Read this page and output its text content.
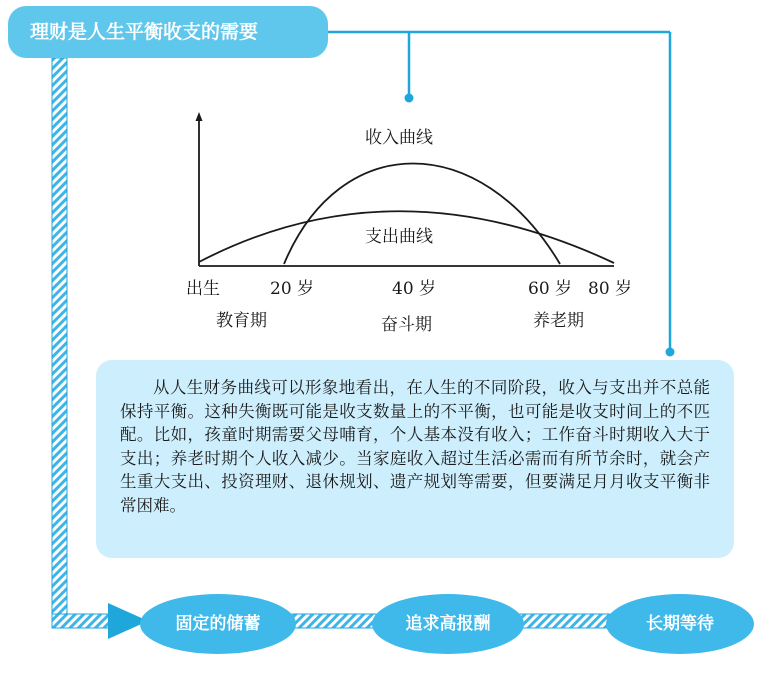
理财是人生平衡收支的需要
收入曲线
支出曲线
出生	20 岁	40 岁	60 岁 80 岁
教育期	奋斗期	养老期

从人生财务曲线可以形象地看出，在人生的不同阶段，收入与支出并不总能保持平衡。这种失衡既可能是收支数量上的不平衡，也可能是收支时间上的不匹配。比如，孩童时期需要父母哺育，个人基本没有收入；工作奋斗时期收入大于支出；养老时期个人收入减少。当家庭收入超过生活必需而有所节余时，就会产生重大支出、投资理财、退休规划、遗产规划等需要，但要满足月月收支平衡非常困难。

固定的储蓄	追求高报酬	长期等待
